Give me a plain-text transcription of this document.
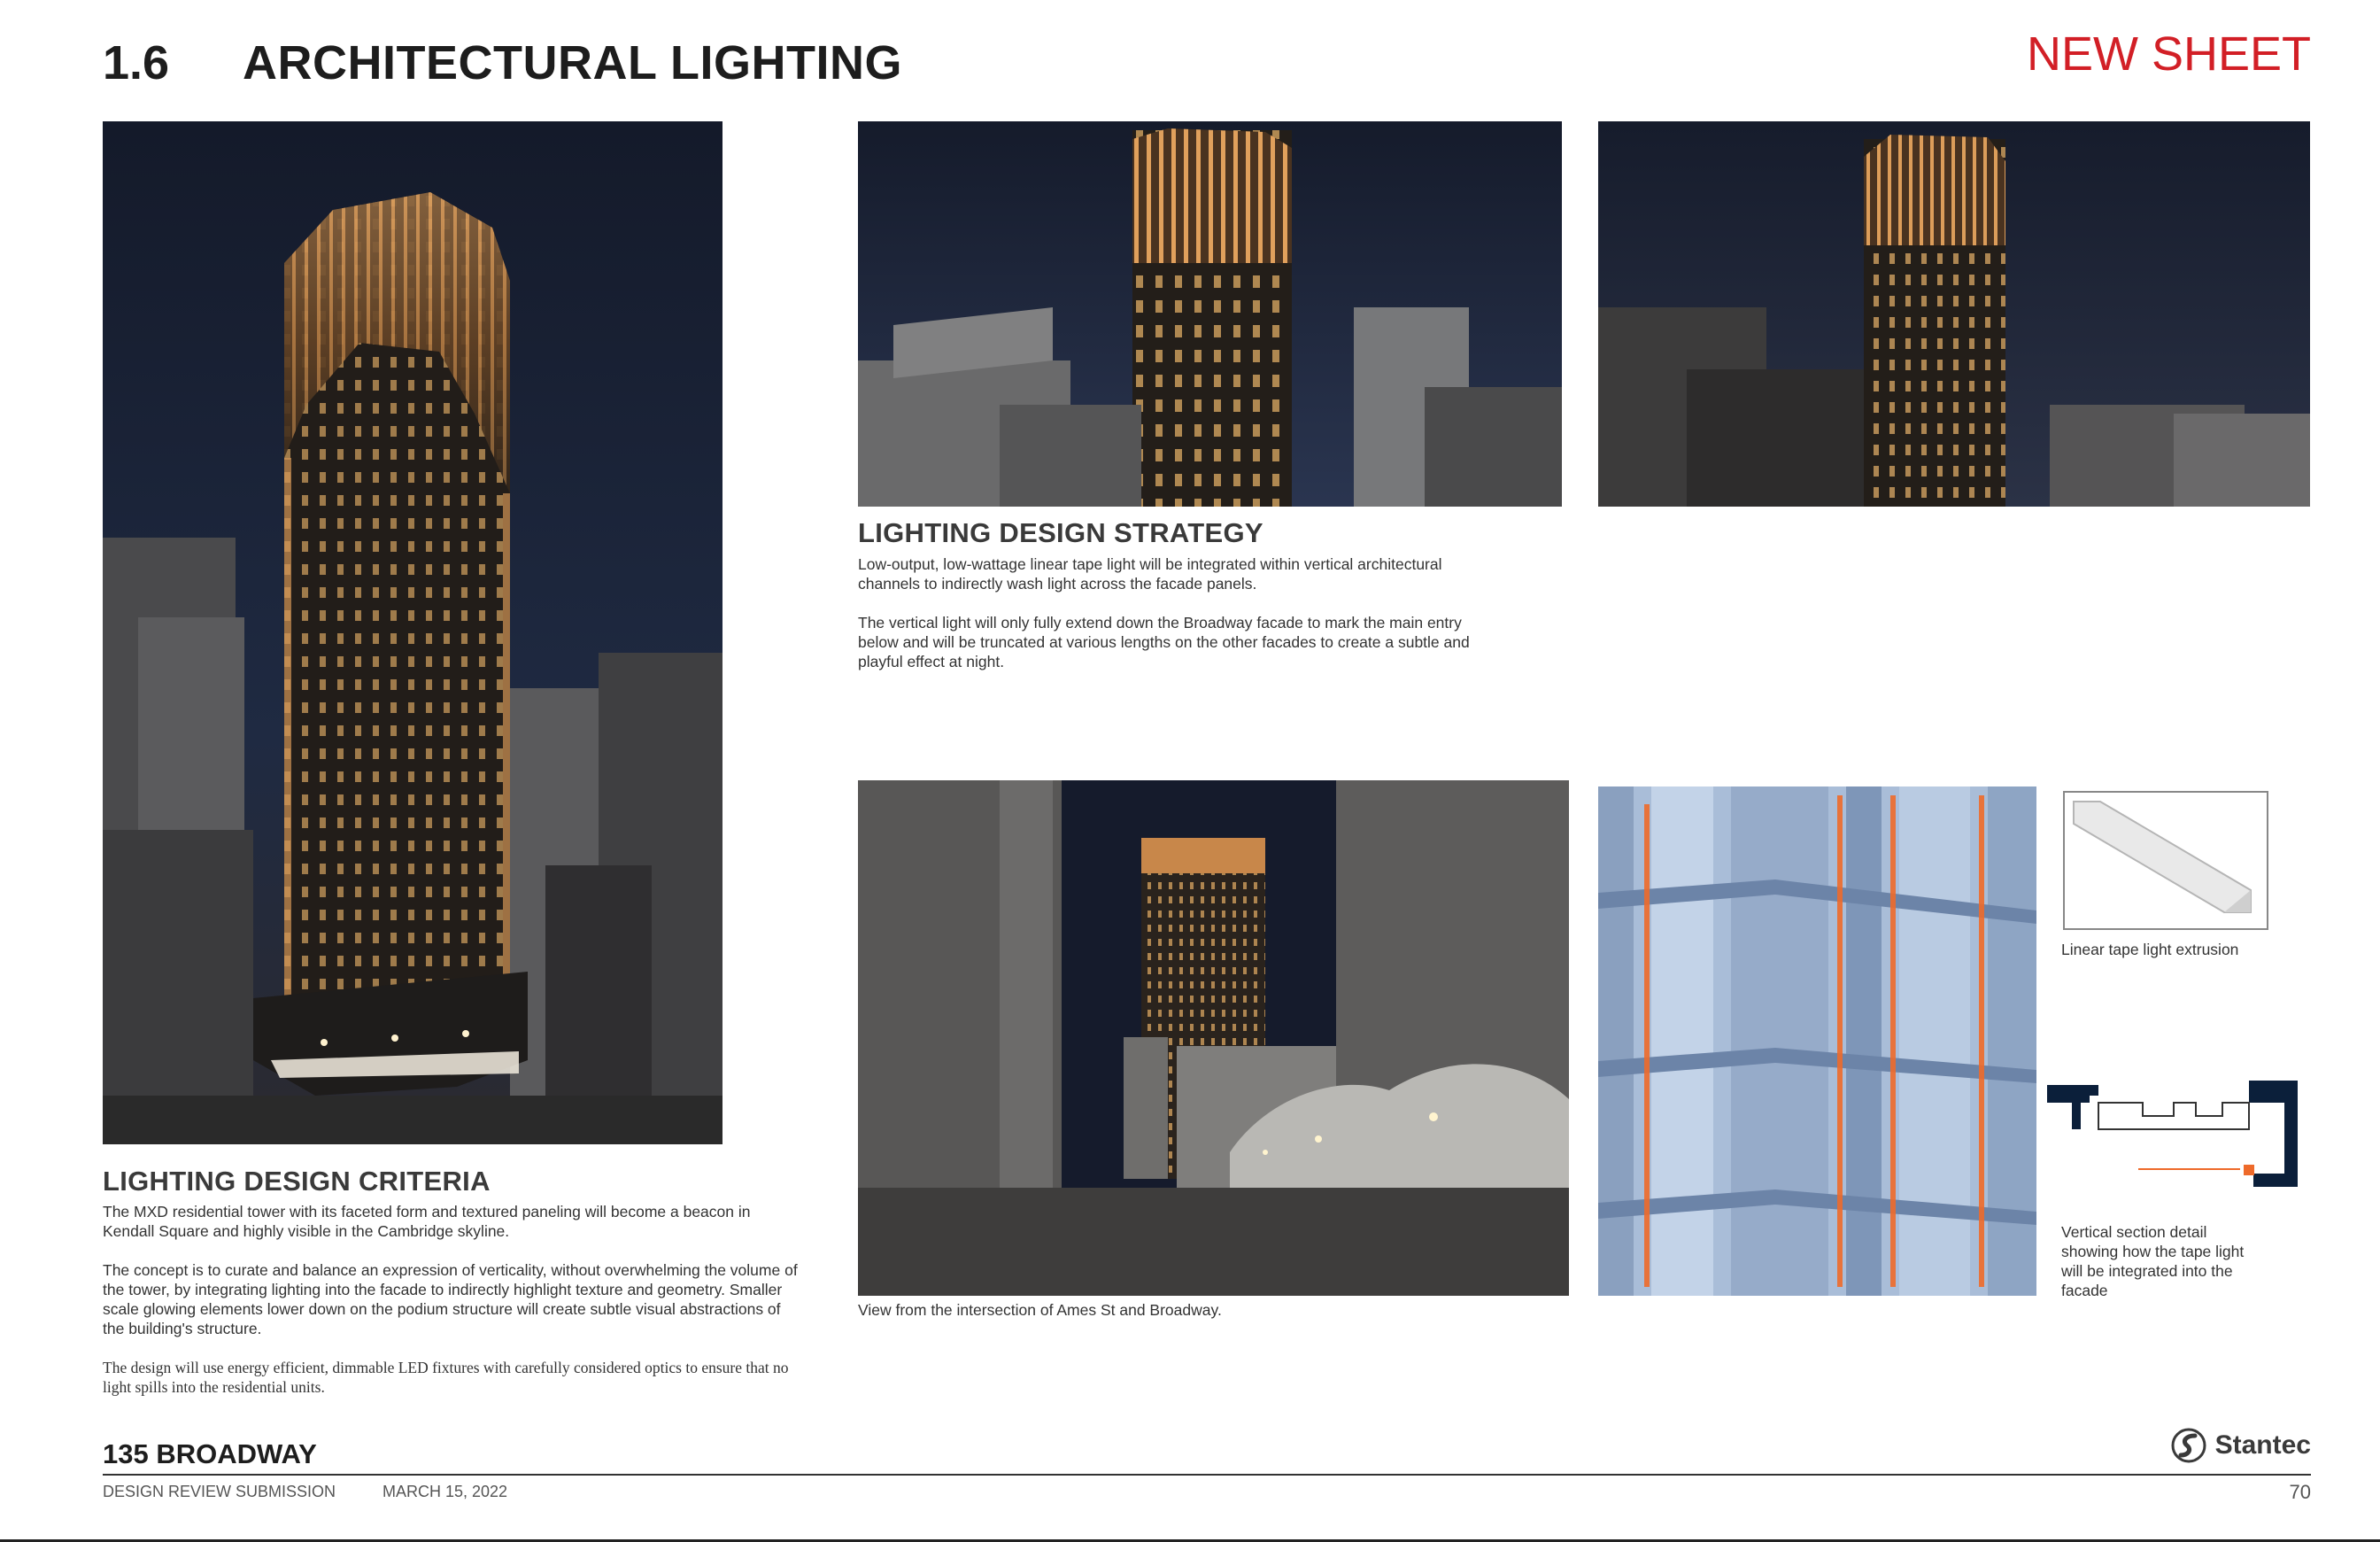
1.6 ARCHITECTURAL LIGHTING	NEW SHEET
LIGHTING DESIGN STRATEGY
Low-output, low-wattage linear tape light will be integrated within vertical architectural channels to indirectly wash light across the facade panels.
The vertical light will only fully extend down the Broadway facade to mark the main entry below and will be truncated at various lengths on the other facades to create a subtle and playful effect at night.
View from the intersection of Ames St and Broadway.
Linear tape light extrusion
Vertical section detail showing how the tape light will be integrated into the facade
LIGHTING DESIGN CRITERIA
The MXD residential tower with its faceted form and textured paneling will become a beacon in Kendall Square and highly visible in the Cambridge skyline.
The concept is to curate and balance an expression of verticality, without overwhelming the volume of the tower, by integrating lighting into the facade to indirectly highlight texture and geometry. Smaller scale glowing elements lower down on the podium structure will create subtle visual abstractions of the building's structure.
The design will use energy efficient, dimmable LED fixtures with carefully considered optics to ensure that no light spills into the residential units.
135 BROADWAY
DESIGN REVIEW SUBMISSION	MARCH 15, 2022	70
Stantec
